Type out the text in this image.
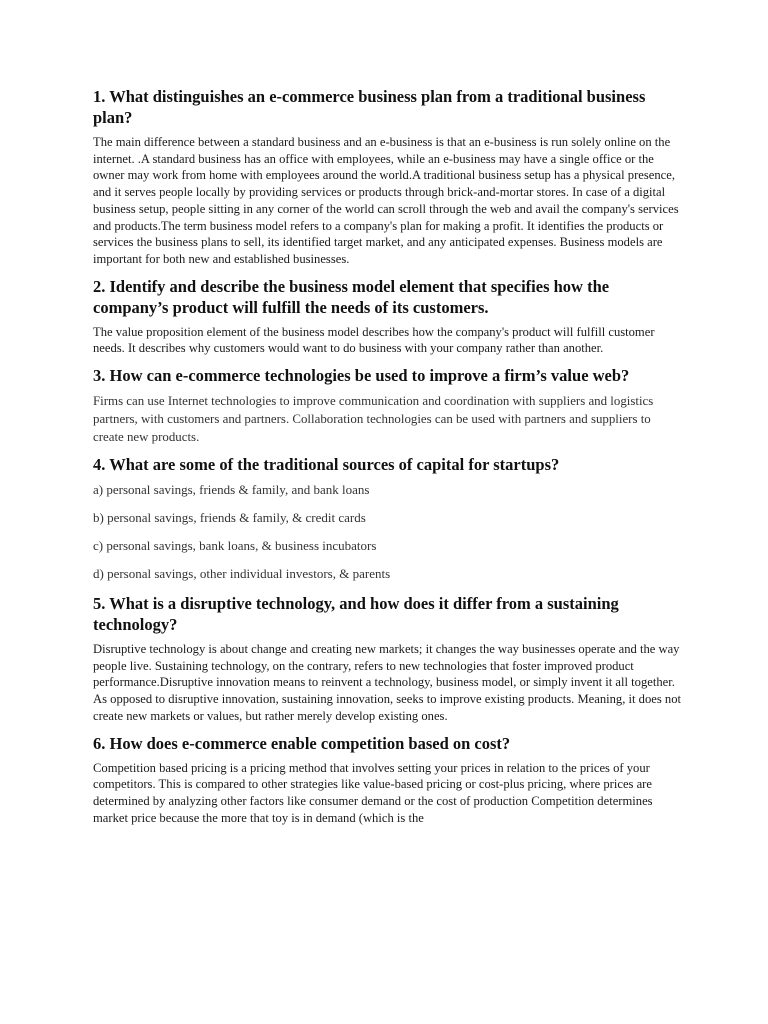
1. What distinguishes an e-commerce business plan from a traditional business plan?

The main difference between a standard business and an e-business is that an e-business is run solely online on the internet. .A standard business has an office with employees, while an e-business may have a single office or the owner may work from home with employees around the world.A traditional business setup has a physical presence, and it serves people locally by providing services or products through brick-and-mortar stores. In case of a digital business setup, people sitting in any corner of the world can scroll through the web and avail the company's services and products.The term business model refers to a company's plan for making a profit. It identifies the products or services the business plans to sell, its identified target market, and any anticipated expenses. Business models are important for both new and established businesses.

2. Identify and describe the business model element that specifies how the company’s product will fulfill the needs of its customers.

The value proposition element of the business model describes how the company's product will fulfill customer needs. It describes why customers would want to do business with your company rather than another.

3. How can e-commerce technologies be used to improve a firm’s value web?

Firms can use Internet technologies to improve communication and coordination with suppliers and logistics partners, with customers and partners. Collaboration technologies can be used with partners and suppliers to create new products.

4. What are some of the traditional sources of capital for startups?

a) personal savings, friends & family, and bank loans

b) personal savings, friends & family, & credit cards

c) personal savings, bank loans, & business incubators

d) personal savings, other individual investors, & parents

5. What is a disruptive technology, and how does it differ from a sustaining technology?

Disruptive technology is about change and creating new markets; it changes the way businesses operate and the way people live. Sustaining technology, on the contrary, refers to new technologies that foster improved product performance.Disruptive innovation means to reinvent a technology, business model, or simply invent it all together. As opposed to disruptive innovation, sustaining innovation, seeks to improve existing products. Meaning, it does not create new markets or values, but rather merely develop existing ones.

6. How does e-commerce enable competition based on cost?

Competition based pricing is a pricing method that involves setting your prices in relation to the prices of your competitors. This is compared to other strategies like value-based pricing or cost-plus pricing, where prices are determined by analyzing other factors like consumer demand or the cost of production Competition determines market price because the more that toy is in demand (which is the
